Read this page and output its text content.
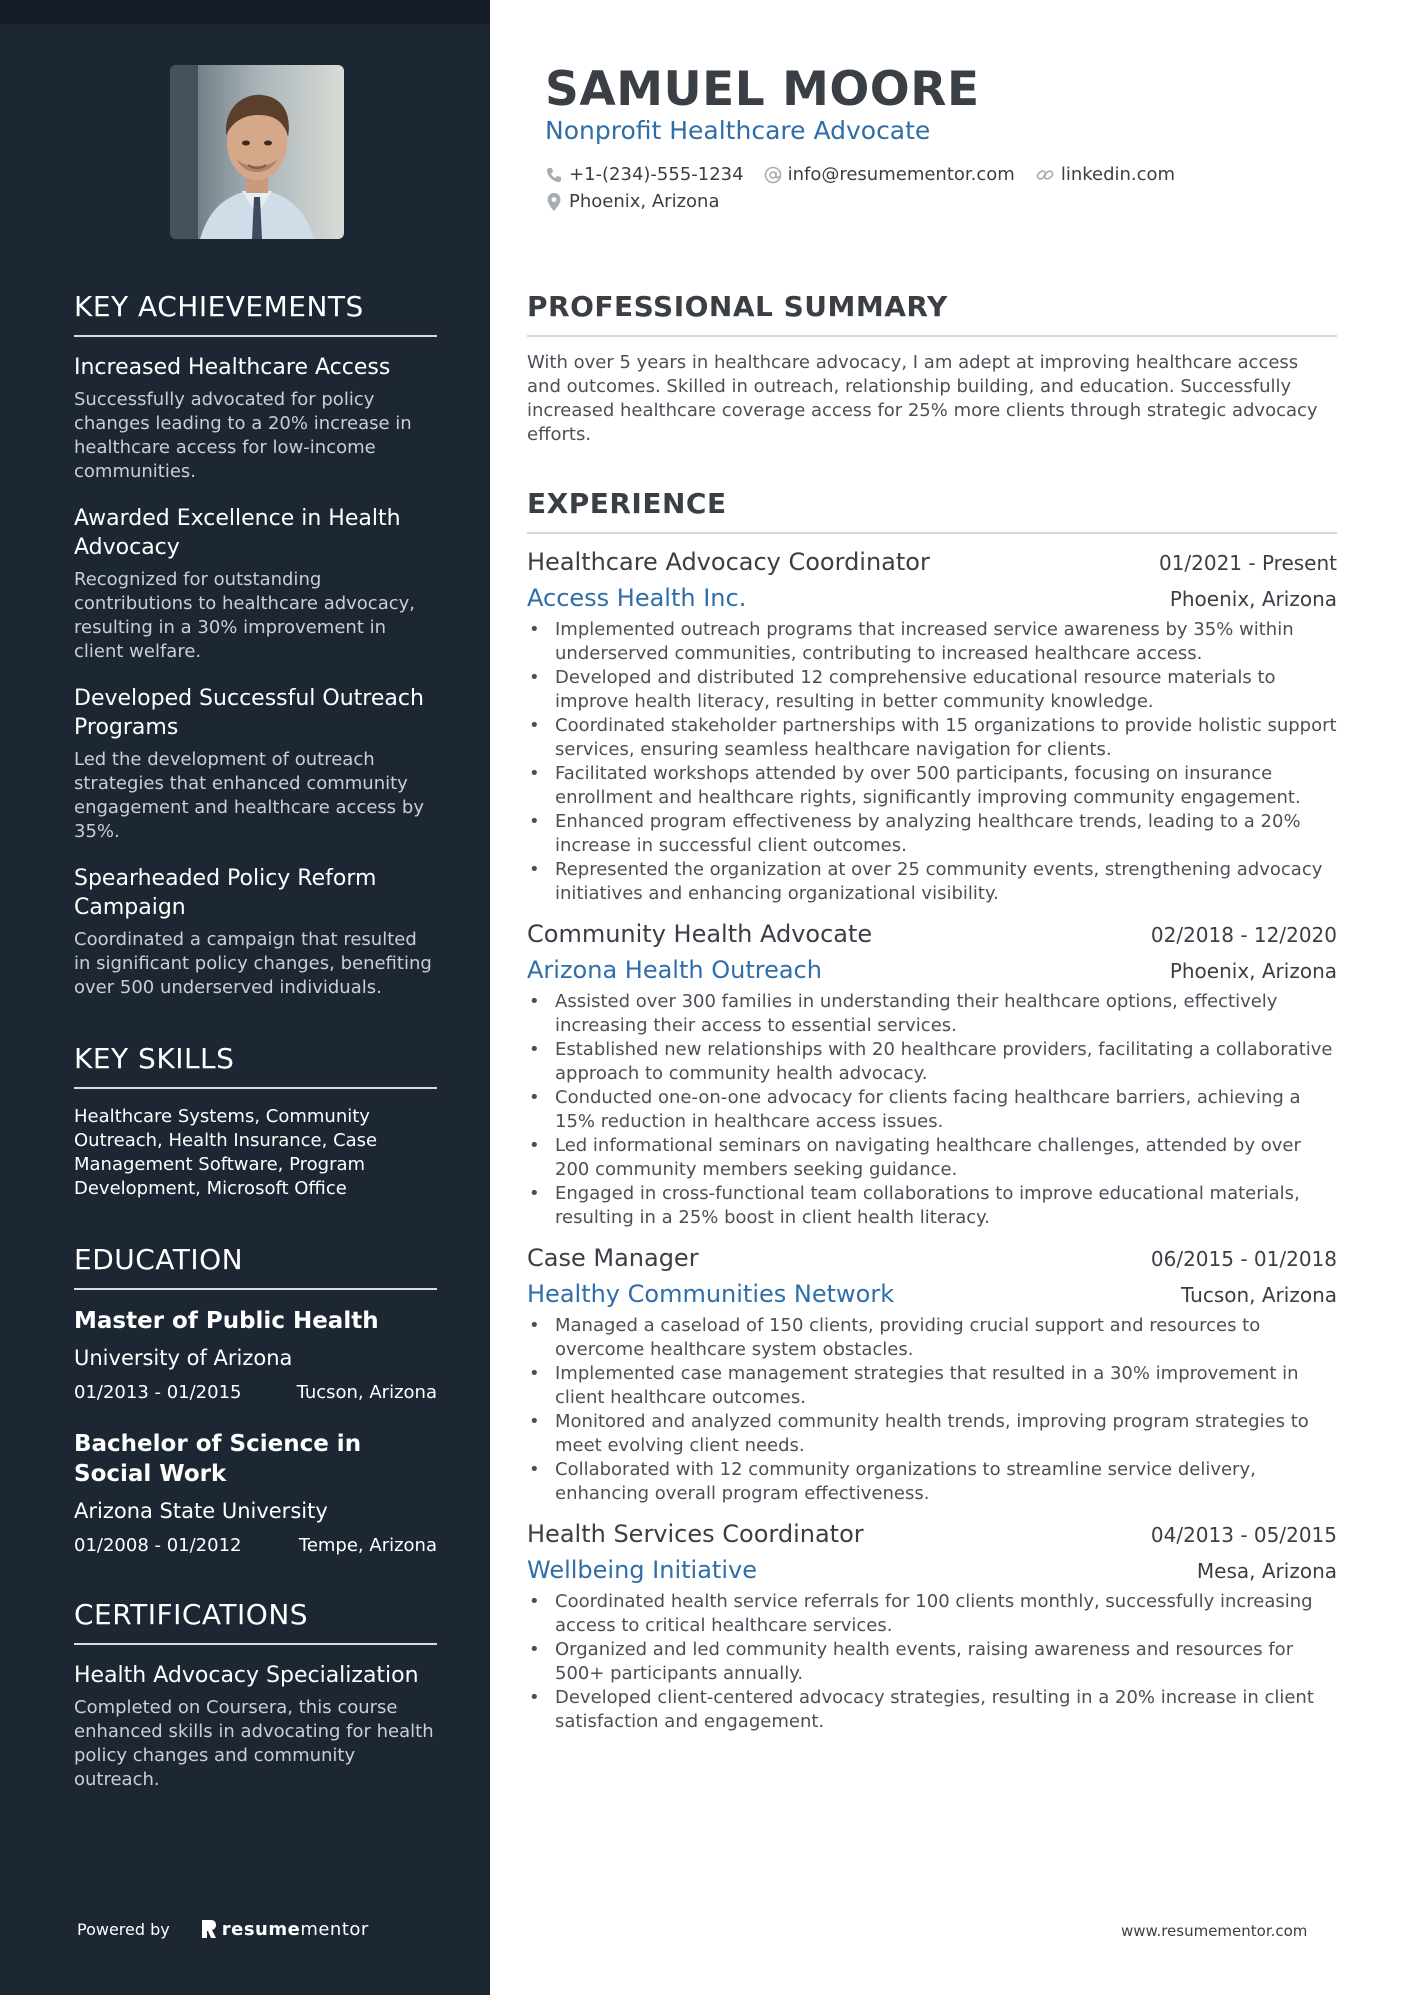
KEY ACHIEVEMENTS
Increased Healthcare Access
Successfully advocated for policy changes leading to a 20% increase in healthcare access for low-income communities.
Awarded Excellence in Health Advocacy
Recognized for outstanding contributions to healthcare advocacy, resulting in a 30% improvement in client welfare.
Developed Successful Outreach Programs
Led the development of outreach strategies that enhanced community engagement and healthcare access by 35%.
Spearheaded Policy Reform Campaign
Coordinated a campaign that resulted in significant policy changes, benefiting over 500 underserved individuals.
KEY SKILLS
Healthcare Systems, Community Outreach, Health Insurance, Case Management Software, Program Development, Microsoft Office
EDUCATION
Master of Public Health
University of Arizona
01/2013 - 01/2015	Tucson, Arizona
Bachelor of Science in Social Work
Arizona State University
01/2008 - 01/2012	Tempe, Arizona
CERTIFICATIONS
Health Advocacy Specialization
Completed on Coursera, this course enhanced skills in advocating for health policy changes and community outreach.
Powered by	resume mentor
SAMUEL MOORE
Nonprofit Healthcare Advocate
+1-(234)-555-1234 info@resumementor.com	linkedin.com
Phoenix, Arizona
PROFESSIONAL SUMMARY

With over 5 years in healthcare advocacy, I am adept at improving healthcare access and outcomes. Skilled in outreach, relationship building, and education. Successfully increased healthcare coverage access for 25% more clients through strategic advocacy efforts.

EXPERIENCE
Healthcare Advocacy Coordinator	01/2021 - Present
Access Health Inc.	Phoenix, Arizona
• Implemented outreach programs that increased service awareness by 35% within underserved communities, contributing to increased healthcare access.
• Developed and distributed 12 comprehensive educational resource materials to improve health literacy, resulting in better community knowledge.
• Coordinated stakeholder partnerships with 15 organizations to provide holistic support services, ensuring seamless healthcare navigation for clients.
• Facilitated workshops attended by over 500 participants, focusing on insurance enrollment and healthcare rights, significantly improving community engagement.
• Enhanced program effectiveness by analyzing healthcare trends, leading to a 20% increase in successful client outcomes.
• Represented the organization at over 25 community events, strengthening advocacy initiatives and enhancing organizational visibility.
Community Health Advocate	02/2018 - 12/2020
Arizona Health Outreach	Phoenix, Arizona
• Assisted over 300 families in understanding their healthcare options, effectively increasing their access to essential services.
• Established new relationships with 20 healthcare providers, facilitating a collaborative approach to community health advocacy.
• Conducted one-on-one advocacy for clients facing healthcare barriers, achieving a 15% reduction in healthcare access issues.
• Led informational seminars on navigating healthcare challenges, attended by over 200 community members seeking guidance.
• Engaged in cross-functional team collaborations to improve educational materials, resulting in a 25% boost in client health literacy.
Case Manager	06/2015 - 01/2018
Healthy Communities Network	Tucson, Arizona
• Managed a caseload of 150 clients, providing crucial support and resources to overcome healthcare system obstacles.
• Implemented case management strategies that resulted in a 30% improvement in client healthcare outcomes.
• Monitored and analyzed community health trends, improving program strategies to meet evolving client needs.
• Collaborated with 12 community organizations to streamline service delivery, enhancing overall program effectiveness.
Health Services Coordinator	04/2013 - 05/2015
Wellbeing Initiative	Mesa, Arizona
• Coordinated health service referrals for 100 clients monthly, successfully increasing access to critical healthcare services.
• Organized and led community health events, raising awareness and resources for 500+ participants annually.
• Developed client-centered advocacy strategies, resulting in a 20% increase in client satisfaction and engagement.
www.resumementor.com
